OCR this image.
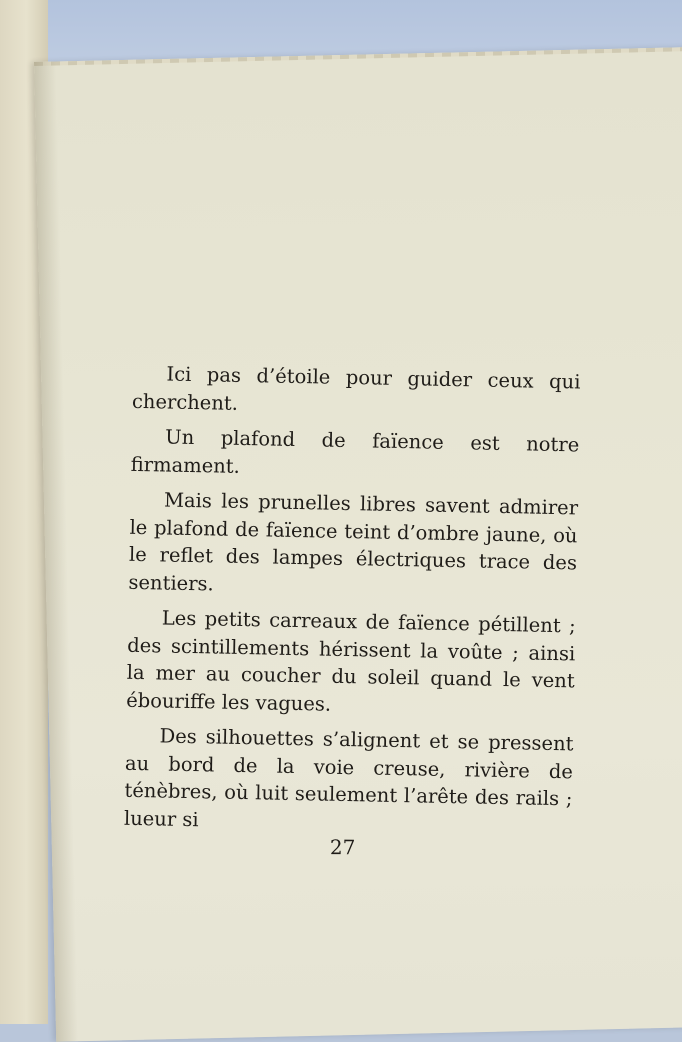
Ici pas d’étoile pour guider ceux qui cherchent.

Un plafond de faïence est notre firmament.

Mais les prunelles libres savent admirer le plafond de faïence teint d’ombre jaune, où le reflet des lampes électriques trace des sentiers.

Les petits carreaux de faïence pétillent ; des scintillements hérissent la voûte ; ainsi la mer au coucher du soleil quand le vent ébouriffe les vagues.

Des silhouettes s’alignent et se pressent au bord de la voie creuse, rivière de ténèbres, où luit seulement l’arête des rails ; lueur si

27
